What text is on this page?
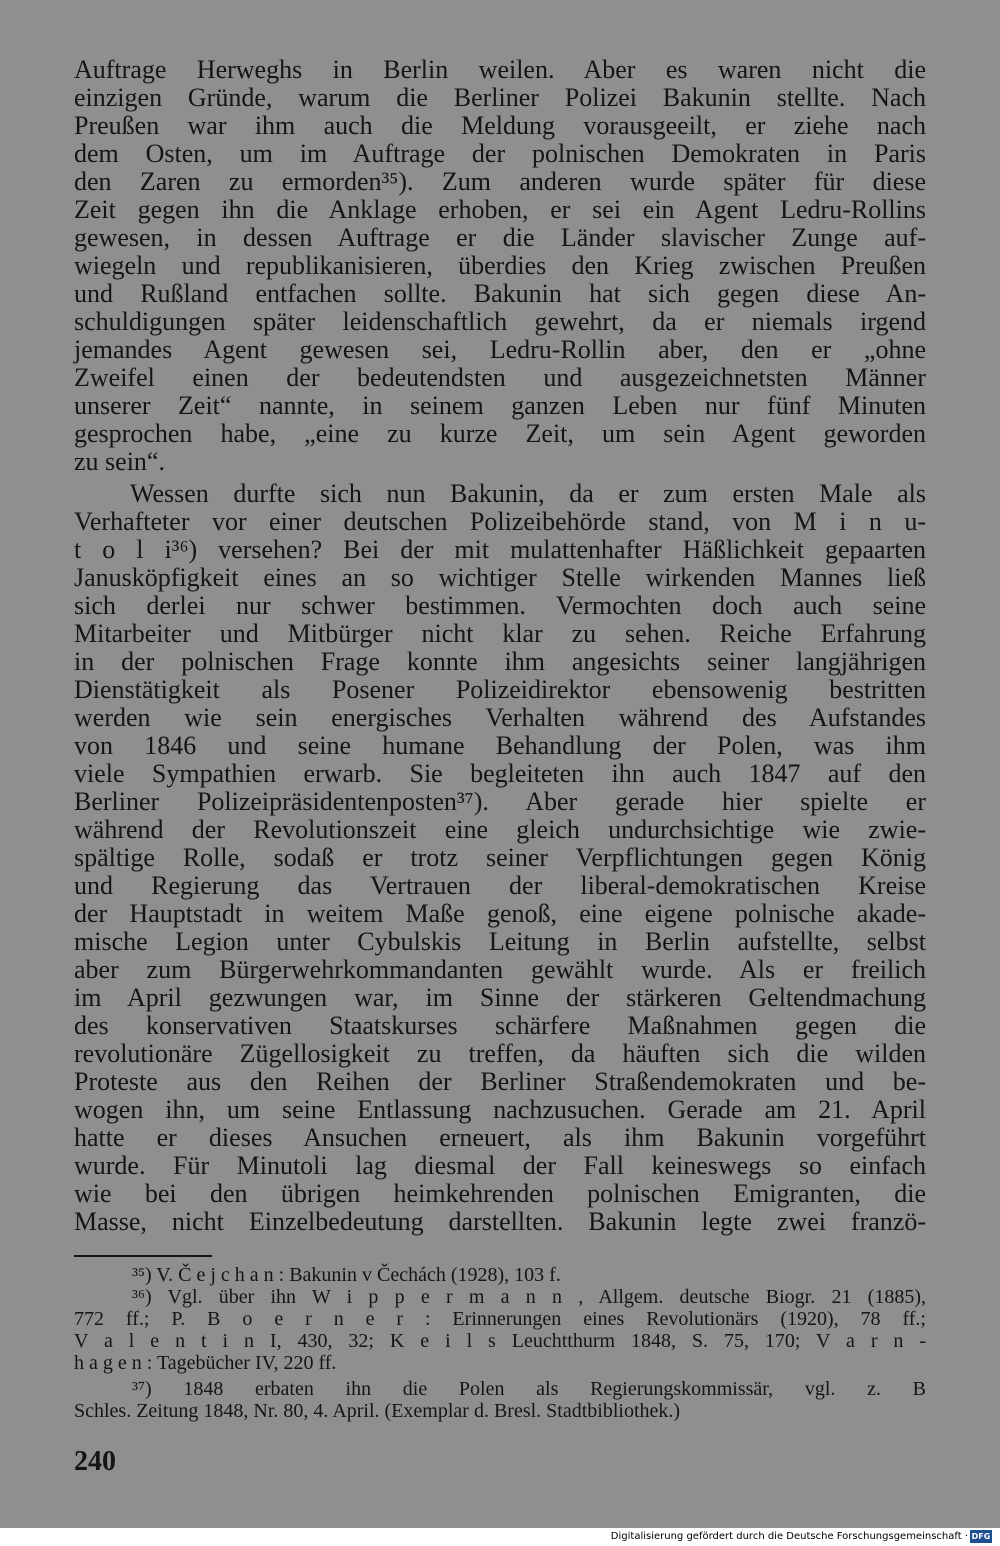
Auftrage Herweghs in Berlin weilen. Aber es waren nicht die
einzigen Gründe, warum die Berliner Polizei Bakunin stellte. Nach
Preußen war ihm auch die Meldung vorausgeeilt, er ziehe nach
dem Osten, um im Auftrage der polnischen Demokraten in Paris
den Zaren zu ermorden³⁵). Zum anderen wurde später für diese
Zeit gegen ihn die Anklage erhoben, er sei ein Agent Ledru-Rollins
gewesen, in dessen Auftrage er die Länder slavischer Zunge auf-
wiegeln und republikanisieren, überdies den Krieg zwischen Preußen
und Rußland entfachen sollte. Bakunin hat sich gegen diese An-
schuldigungen später leidenschaftlich gewehrt, da er niemals irgend
jemandes Agent gewesen sei, Ledru-Rollin aber, den er „ohne
Zweifel einen der bedeutendsten und ausgezeichnetsten Männer
unserer Zeit“ nannte, in seinem ganzen Leben nur fünf Minuten
gesprochen habe, „eine zu kurze Zeit, um sein Agent geworden
zu sein“.
Wessen durfte sich nun Bakunin, da er zum ersten Male als
Verhafteter vor einer deutschen Polizeibehörde stand, von M i n u-
t o l i³⁶) versehen? Bei der mit mulattenhafter Häßlichkeit gepaarten
Janusköpfigkeit eines an so wichtiger Stelle wirkenden Mannes ließ
sich derlei nur schwer bestimmen. Vermochten doch auch seine
Mitarbeiter und Mitbürger nicht klar zu sehen. Reiche Erfahrung
in der polnischen Frage konnte ihm angesichts seiner langjährigen
Dienstätigkeit als Posener Polizeidirektor ebensowenig bestritten
werden wie sein energisches Verhalten während des Aufstandes
von 1846 und seine humane Behandlung der Polen, was ihm
viele Sympathien erwarb. Sie begleiteten ihn auch 1847 auf den
Berliner Polizeipräsidentenposten³⁷). Aber gerade hier spielte er
während der Revolutionszeit eine gleich undurchsichtige wie zwie-
spältige Rolle, sodaß er trotz seiner Verpflichtungen gegen König
und Regierung das Vertrauen der liberal-demokratischen Kreise
der Hauptstadt in weitem Maße genoß, eine eigene polnische akade-
mische Legion unter Cybulskis Leitung in Berlin aufstellte, selbst
aber zum Bürgerwehrkommandanten gewählt wurde. Als er freilich
im April gezwungen war, im Sinne der stärkeren Geltendmachung
des konservativen Staatskurses schärfere Maßnahmen gegen die
revolutionäre Zügellosigkeit zu treffen, da häuften sich die wilden
Proteste aus den Reihen der Berliner Straßendemokraten und be-
wogen ihn, um seine Entlassung nachzusuchen. Gerade am 21. April
hatte er dieses Ansuchen erneuert, als ihm Bakunin vorgeführt
wurde. Für Minutoli lag diesmal der Fall keineswegs so einfach
wie bei den übrigen heimkehrenden polnischen Emigranten, die
Masse, nicht Einzelbedeutung darstellten. Bakunin legte zwei franzö-
³⁵) V. Č e j c h a n : Bakunin v Čechách (1928), 103 f.
³⁶) Vgl. über ihn W i p p e r m a n n , Allgem. deutsche Biogr. 21 (1885),
772 ff.; P. B o e r n e r : Erinnerungen eines Revolutionärs (1920), 78 ff.;
V a l e n t i n I, 430, 32; K e i l s Leuchtthurm 1848, S. 75, 170; V a r n -
h a g e n : Tagebücher IV, 220 ff.
³⁷) 1848 erbaten ihn die Polen als Regierungskommissär, vgl. z. B
Schles. Zeitung 1848, Nr. 80, 4. April. (Exemplar d. Bresl. Stadtbibliothek.)
240
Digitalisierung gefördert durch die Deutsche Forschungsgemeinschaft · DFG
